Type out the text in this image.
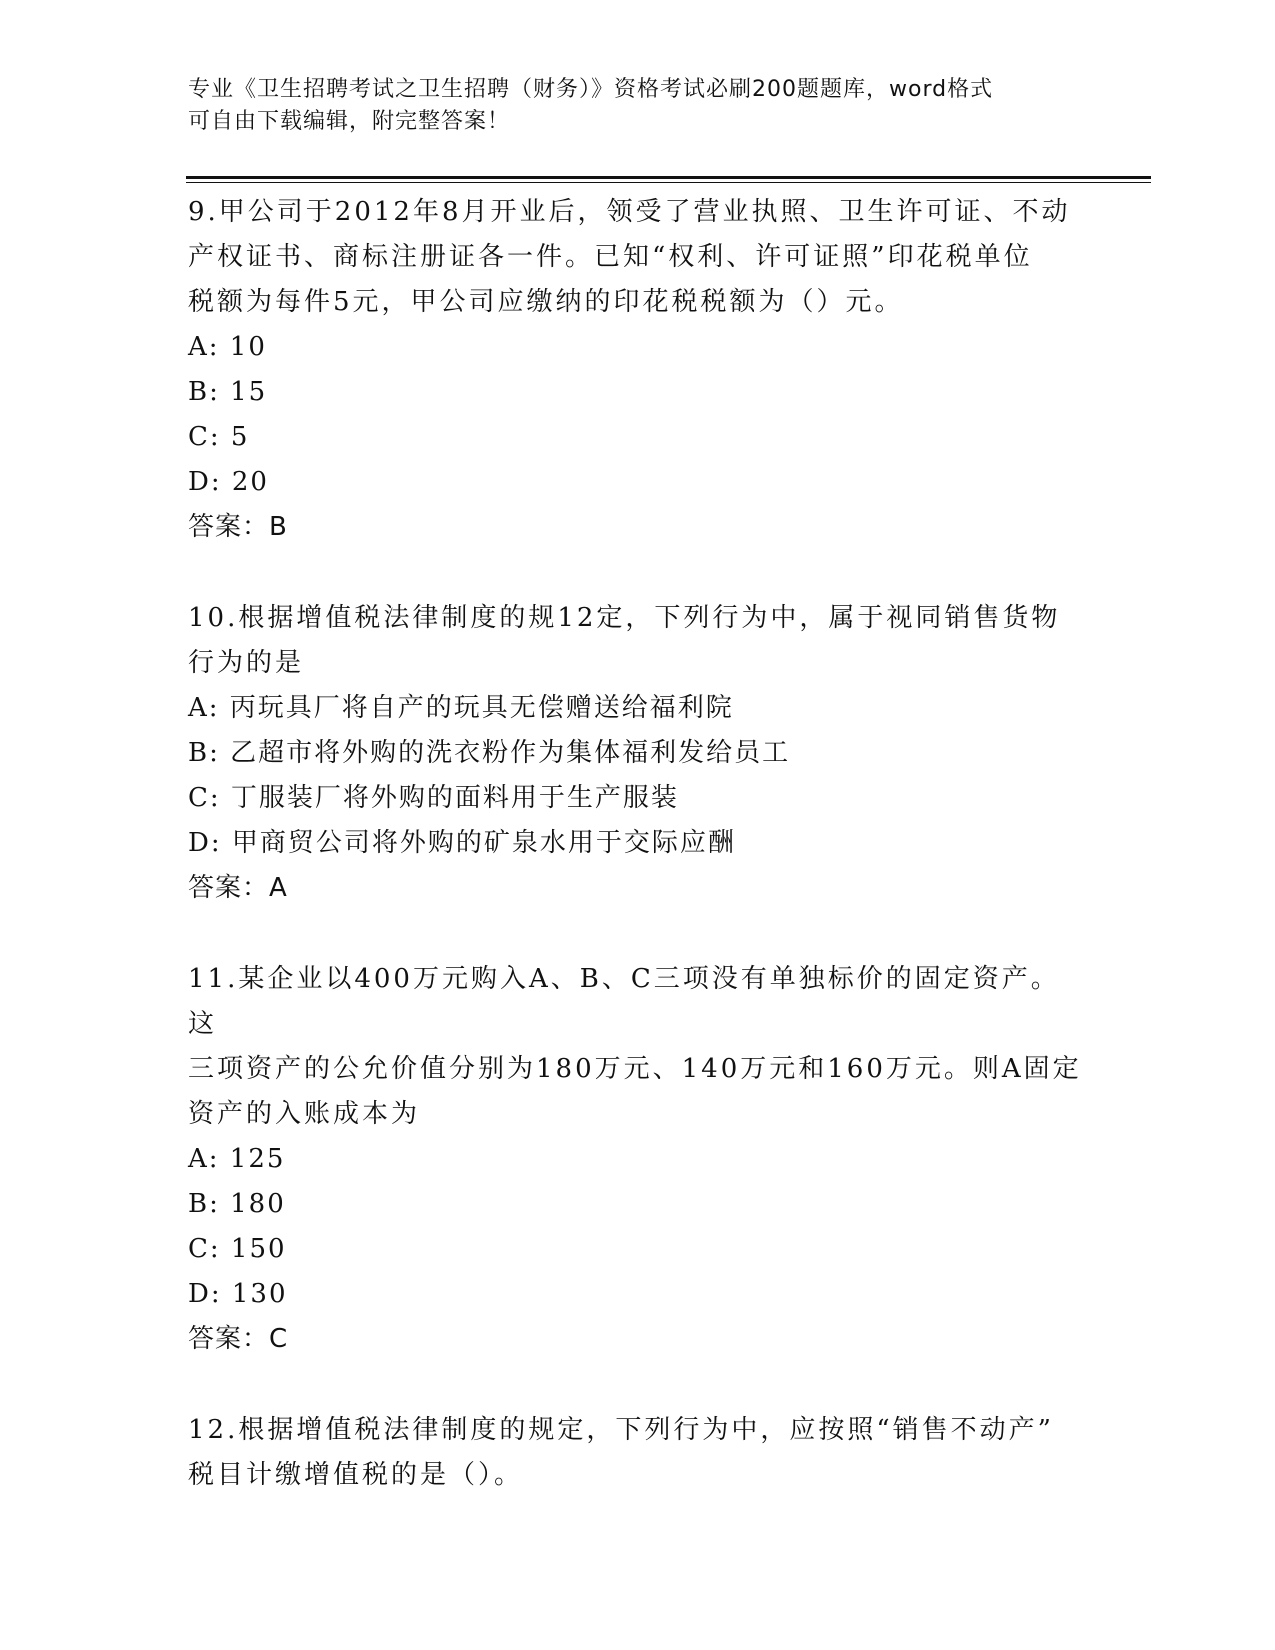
专业《卫生招聘考试之卫生招聘（财务）》资格考试必刷200题题库，word格式
可自由下载编辑，附完整答案！
9.甲公司于2012年8月开业后，领受了营业执照、卫生许可证、不动
产权证书、商标注册证各一件。已知“权利、许可证照”印花税单位
税额为每件5元，甲公司应缴纳的印花税税额为（）元。
A: 10
B: 15
C: 5
D: 20
答案：B
10.根据增值税法律制度的规12定，下列行为中，属于视同销售货物
行为的是
A: 丙玩具厂将自产的玩具无偿赠送给福利院
B: 乙超市将外购的洗衣粉作为集体福利发给员工
C: 丁服装厂将外购的面料用于生产服装
D: 甲商贸公司将外购的矿泉水用于交际应酬
答案：A
11.某企业以400万元购入A、B、C三项没有单独标价的固定资产。这
三项资产的公允价值分别为180万元、140万元和160万元。则A固定
资产的入账成本为
A: 125
B: 180
C: 150
D: 130
答案：C
12.根据增值税法律制度的规定，下列行为中，应按照“销售不动产”
税目计缴增值税的是（）。
